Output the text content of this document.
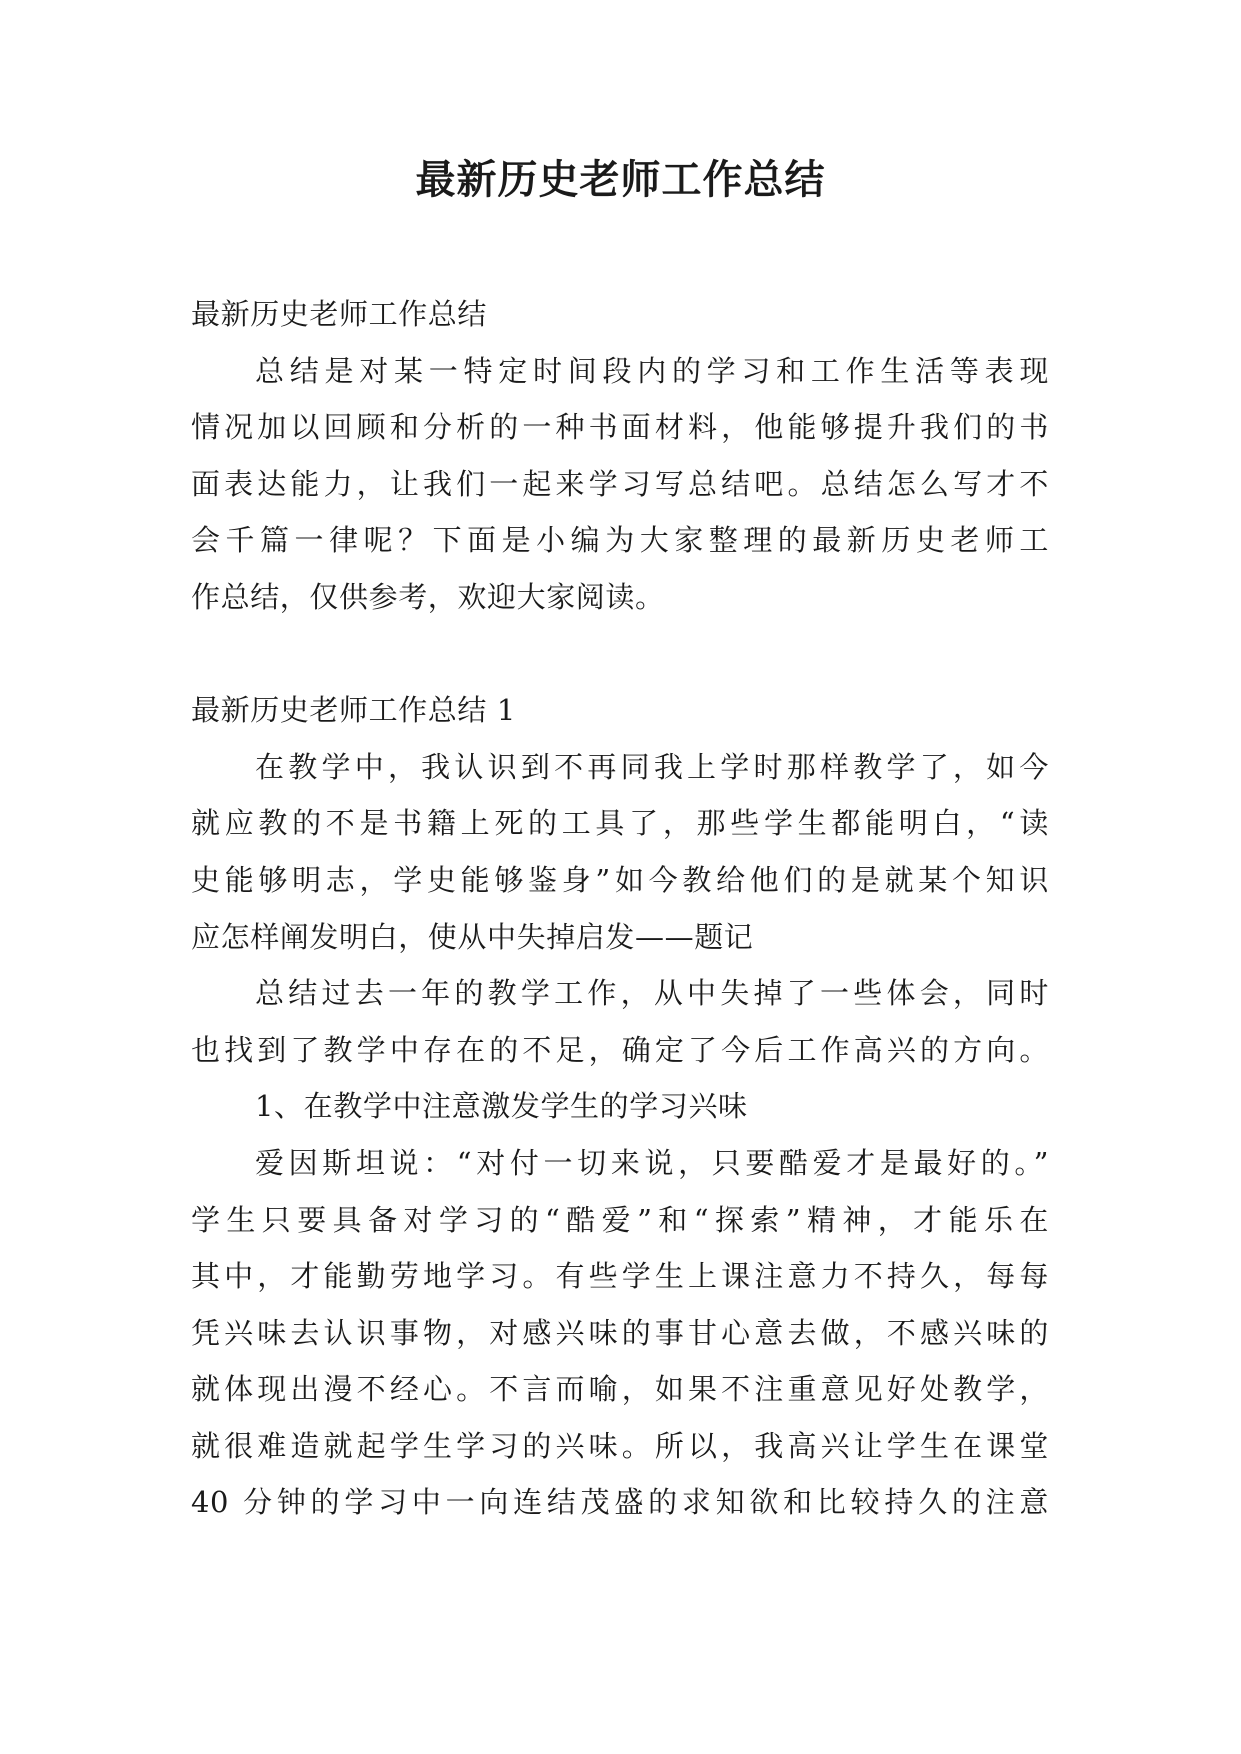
最新历史老师工作总结
最新历史老师工作总结
总结是对某一特定时间段内的学习和工作生活等表现
情况加以回顾和分析的一种书面材料，他能够提升我们的书
面表达能力，让我们一起来学习写总结吧。总结怎么写才不
会千篇一律呢？下面是小编为大家整理的最新历史老师工
作总结，仅供参考，欢迎大家阅读。
最新历史老师工作总结 1
在教学中，我认识到不再同我上学时那样教学了，如今
就应教的不是书籍上死的工具了，那些学生都能明白，“读
史能够明志，学史能够鉴身”如今教给他们的是就某个知识
应怎样阐发明白，使从中失掉启发——题记
总结过去一年的教学工作，从中失掉了一些体会，同时
也找到了教学中存在的不足，确定了今后工作高兴的方向。
1、在教学中注意激发学生的学习兴味
爱因斯坦说：“对付一切来说，只要酷爱才是最好的。”
学生只要具备对学习的“酷爱”和“探索”精神，才能乐在
其中，才能勤劳地学习。有些学生上课注意力不持久，每每
凭兴味去认识事物，对感兴味的事甘心意去做，不感兴味的
就体现出漫不经心。不言而喻，如果不注重意见好处教学，
就很难造就起学生学习的兴味。所以，我高兴让学生在课堂
40 分钟的学习中一向连结茂盛的求知欲和比较持久的注意
